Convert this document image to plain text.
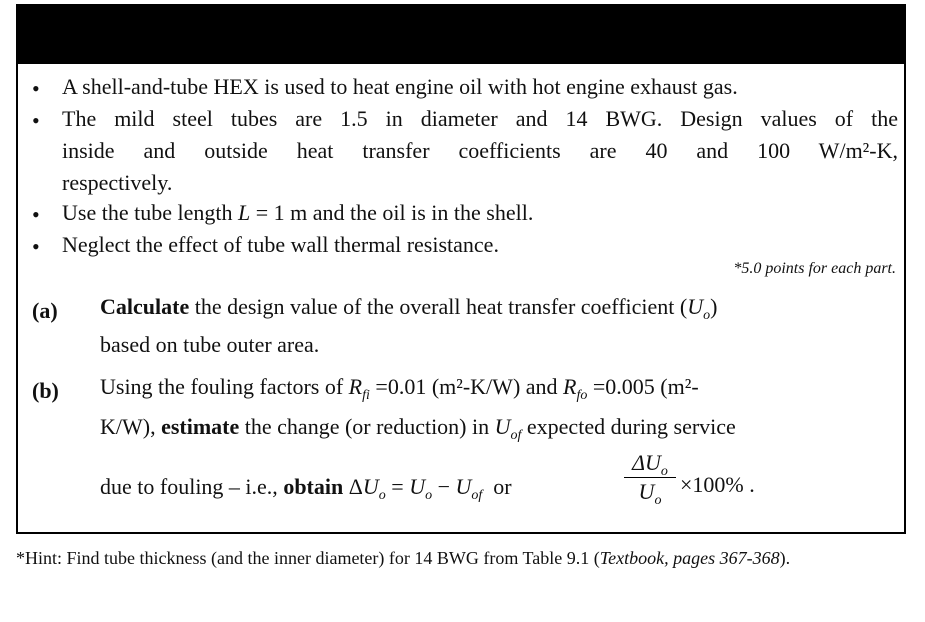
• A shell-and-tube HEX is used to heat engine oil with hot engine exhaust gas.
• The mild steel tubes are 1.5 in diameter and 14 BWG. Design values of the
inside and outside heat transfer coefficients are 40 and 100 W/m²-K,
respectively.
• Use the tube length L = 1 m and the oil is in the shell.
• Neglect the effect of tube wall thermal resistance.
*5.0 points for each part.
(a) Calculate the design value of the overall heat transfer coefficient $(U_o)$
based on tube outer area.
(b) Using the fouling factors of $R_{fi} =0.01$ (m²-K/W) and $R_{fo} =0.005$ (m²-
K/W), estimate the change (or reduction) in $U_{of}$ expected during service
due to fouling – i.e., obtain $\Delta U_o = U_o - U_{of}$ or
$\Delta U_o$
$U_o$
×100% .
*Hint: Find tube thickness (and the inner diameter) for 14 BWG from Table 9.1 (Textbook, pages 367-368).
